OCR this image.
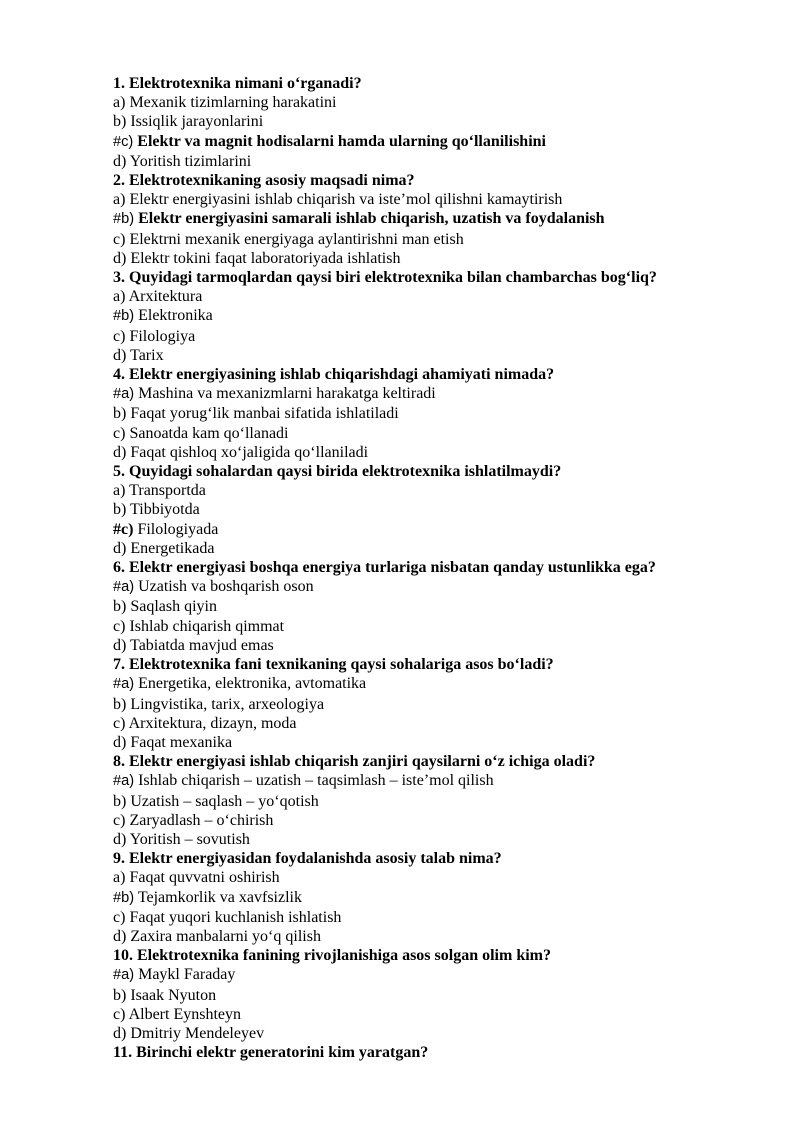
1. Elektrotexnika nimani o‘rganadi?
a) Mexanik tizimlarning harakatini
b) Issiqlik jarayonlarini
#c) Elektr va magnit hodisalarni hamda ularning qo‘llanilishini
d) Yoritish tizimlarini
2. Elektrotexnikaning asosiy maqsadi nima?
a) Elektr energiyasini ishlab chiqarish va iste’mol qilishni kamaytirish
#b) Elektr energiyasini samarali ishlab chiqarish, uzatish va foydalanish
c) Elektrni mexanik energiyaga aylantirishni man etish
d) Elektr tokini faqat laboratoriyada ishlatish
3. Quyidagi tarmoqlardan qaysi biri elektrotexnika bilan chambarchas bog‘liq?
a) Arxitektura
#b) Elektronika
c) Filologiya
d) Tarix
4. Elektr energiyasining ishlab chiqarishdagi ahamiyati nimada?
#a) Mashina va mexanizmlarni harakatga keltiradi
b) Faqat yorug‘lik manbai sifatida ishlatiladi
c) Sanoatda kam qo‘llanadi
d) Faqat qishloq xo‘jaligida qo‘llaniladi
5. Quyidagi sohalardan qaysi birida elektrotexnika ishlatilmaydi?
a) Transportda
b) Tibbiyotda
#c) Filologiyada
d) Energetikada
6. Elektr energiyasi boshqa energiya turlariga nisbatan qanday ustunlikka ega?
#a) Uzatish va boshqarish oson
b) Saqlash qiyin
c) Ishlab chiqarish qimmat
d) Tabiatda mavjud emas
7. Elektrotexnika fani texnikaning qaysi sohalariga asos bo‘ladi?
#a) Energetika, elektronika, avtomatika
b) Lingvistika, tarix, arxeologiya
c) Arxitektura, dizayn, moda
d) Faqat mexanika
8. Elektr energiyasi ishlab chiqarish zanjiri qaysilarni o‘z ichiga oladi?
#a) Ishlab chiqarish – uzatish – taqsimlash – iste’mol qilish
b) Uzatish – saqlash – yo‘qotish
c) Zaryadlash – o‘chirish
d) Yoritish – sovutish
9. Elektr energiyasidan foydalanishda asosiy talab nima?
a) Faqat quvvatni oshirish
#b) Tejamkorlik va xavfsizlik
c) Faqat yuqori kuchlanish ishlatish
d) Zaxira manbalarni yo‘q qilish
10. Elektrotexnika fanining rivojlanishiga asos solgan olim kim?
#a) Maykl Faraday
b) Isaak Nyuton
c) Albert Eynshteyn
d) Dmitriy Mendeleyev
11. Birinchi elektr generatorini kim yaratgan?
